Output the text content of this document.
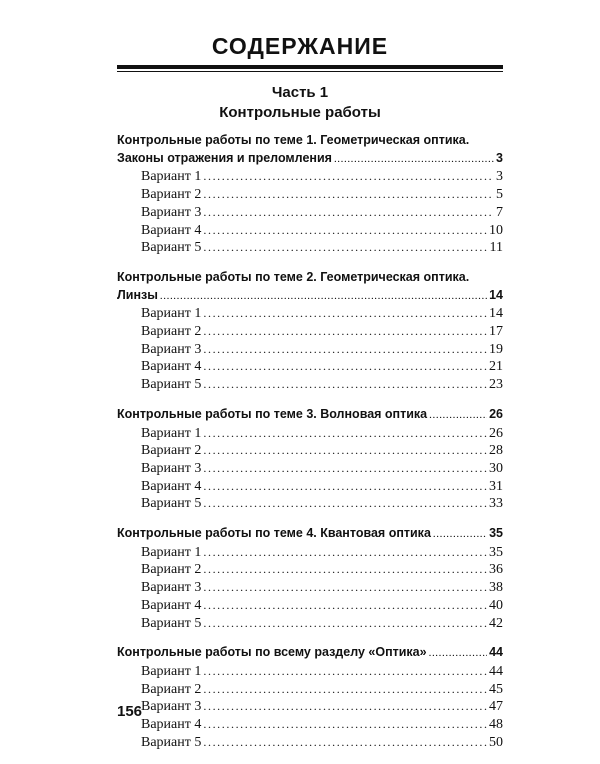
СОДЕРЖАНИЕ
Часть 1
Контрольные работы
Контрольные работы по теме 1. Геометрическая оптика.
Законы отражения и преломления .....	3
Вариант 1 .....	3
Вариант 2 .....	5
Вариант 3 .....	7
Вариант 4 .....	10
Вариант 5 .....	11
Контрольные работы по теме 2. Геометрическая оптика.
Линзы .....	14
Вариант 1 .....	14
Вариант 2 .....	17
Вариант 3 .....	19
Вариант 4 .....	21
Вариант 5 .....	23
Контрольные работы по теме 3. Волновая оптика .....	26
Вариант 1 .....	26
Вариант 2 .....	28
Вариант 3 .....	30
Вариант 4 .....	31
Вариант 5 .....	33
Контрольные работы по теме 4. Квантовая оптика .....	35
Вариант 1 .....	35
Вариант 2 .....	36
Вариант 3 .....	38
Вариант 4 .....	40
Вариант 5 .....	42
Контрольные работы по всему разделу «Оптика» .....	44
Вариант 1 .....	44
Вариант 2 .....	45
Вариант 3 .....	47
Вариант 4 .....	48
Вариант 5 .....	50
156
